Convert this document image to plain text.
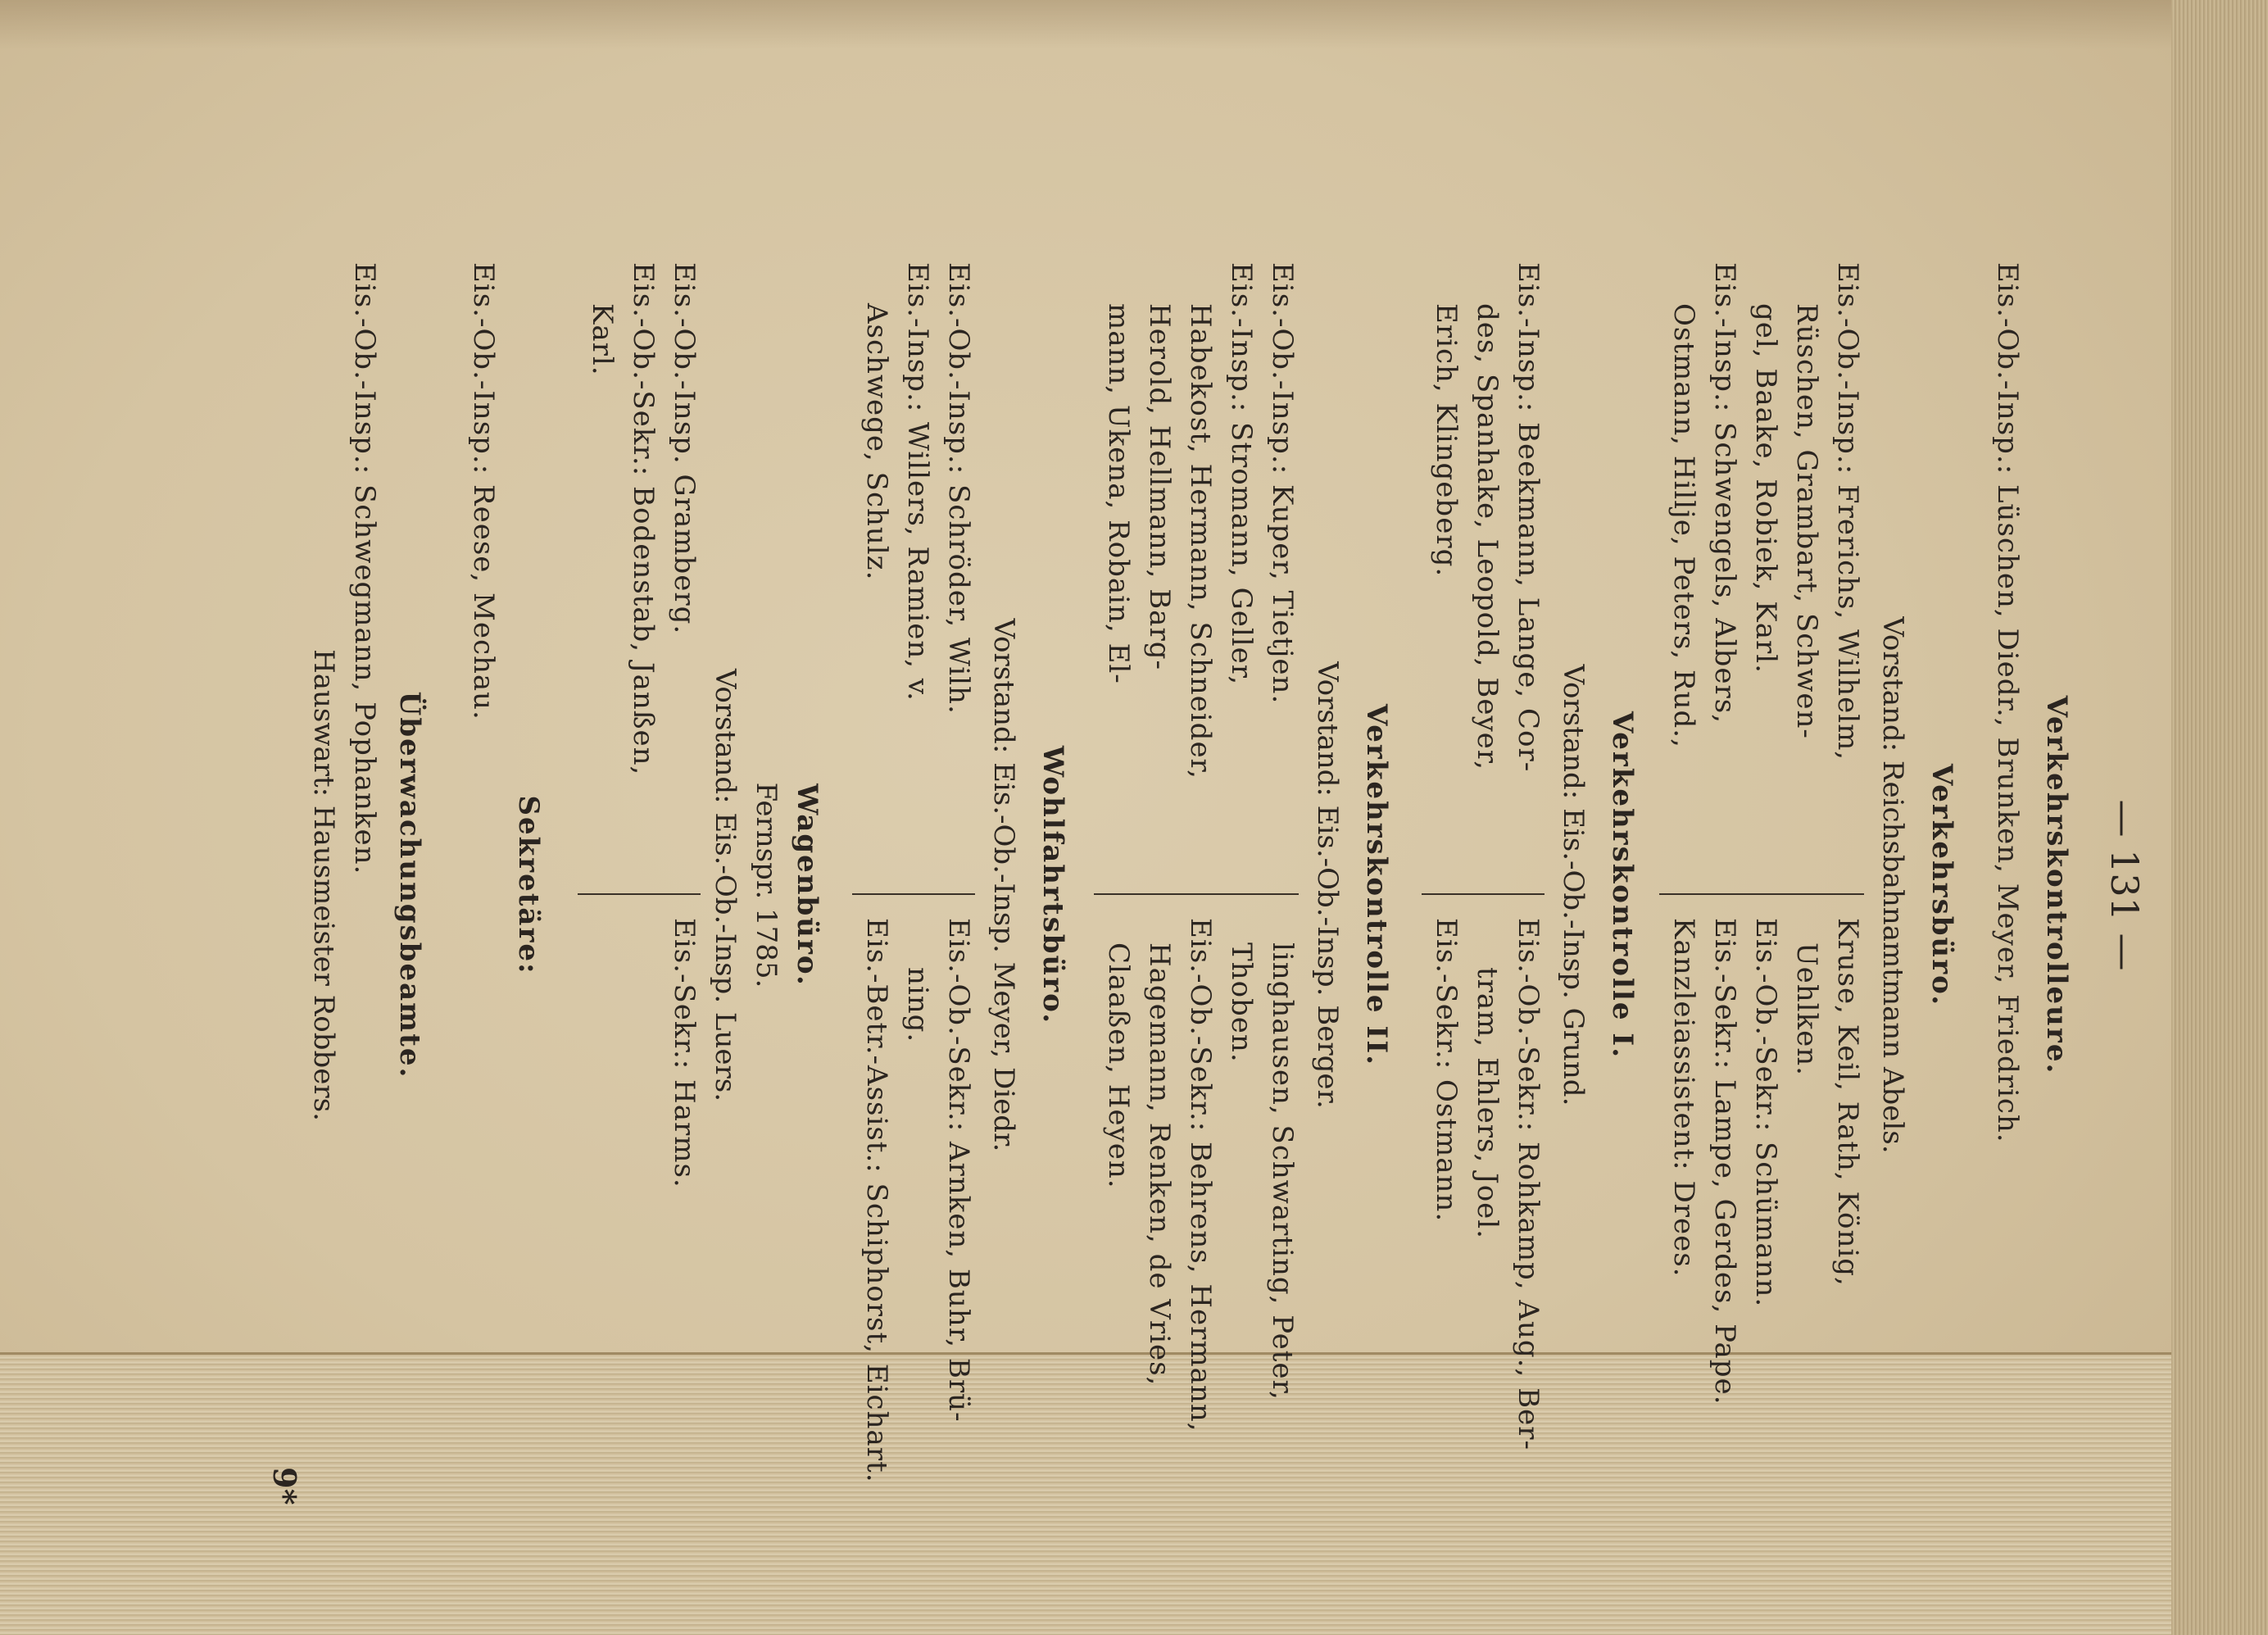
— 131 —
Verkehrskontrolleure.
Eis.-Ob.-Insp.: Lüschen, Diedr., Brunken, Meyer, Friedrich.
Verkehrsbüro.
Vorstand: Reichsbahnamtmann Abels.
Eis.-Ob.-Insp.: Frerichs, Wilhelm,
Rüschen, Grambart, Schwen-
gel, Baake, Robiek, Karl.
Eis.-Insp.: Schwengels, Albers,
Ostmann, Hillje, Peters, Rud.,
Kruse, Keil, Rath, König,
Uehlken.
Eis.-Ob.-Sekr.: Schümann.
Eis.-Sekr.: Lampe, Gerdes, Pape.
Kanzleiassistent: Drees.
Verkehrskontrolle I.
Vorstand: Eis.-Ob.-Insp. Grund.
Eis.-Insp.: Beekmann, Lange, Cor-
des, Spanhake, Leopold, Beyer,
Erich, Klingeberg.
Eis.-Ob.-Sekr.: Rohkamp, Aug., Ber-
tram, Ehlers, Joel.
Eis.-Sekr.: Ostmann.
Verkehrskontrolle II.
Vorstand: Eis.-Ob.-Insp. Berger.
Eis.-Ob.-Insp.: Kuper, Tietjen.
Eis.-Insp.: Stromann, Geller,
Habekost, Hermann, Schneider,
Herold, Hellmann, Barg-
mann, Ukena, Robain, El-
linghausen, Schwarting, Peter,
Thoben.
Eis.-Ob.-Sekr.: Behrens, Hermann,
Hagemann, Renken, de Vries,
Claaßen, Heyen.
Wohlfahrtsbüro.
Vorstand: Eis.-Ob.-Insp. Meyer, Diedr.
Eis.-Ob.-Insp.: Schröder, Wilh.
Eis.-Insp.: Willers, Ramien, v.
Aschwege, Schulz.
Eis.-Ob.-Sekr.: Arnken, Buhr, Brü-
ning.
Eis.-Betr.-Assist.: Schiphorst, Eichart.
Wagenbüro.
Fernspr. 1785.
Vorstand: Eis.-Ob.-Insp. Luers.
Eis.-Ob.-Insp. Gramberg.
Eis.-Ob.-Sekr.: Bodenstab, Janßen,
Karl.
Eis.-Sekr.: Harms.
Sekretäre:
Eis.-Ob.-Insp.: Reese, Mechau.
Überwachungsbeamte.
Eis.-Ob.-Insp.: Schwegmann, Pophanken.
Hauswart: Hausmeister Robbers.
9*
